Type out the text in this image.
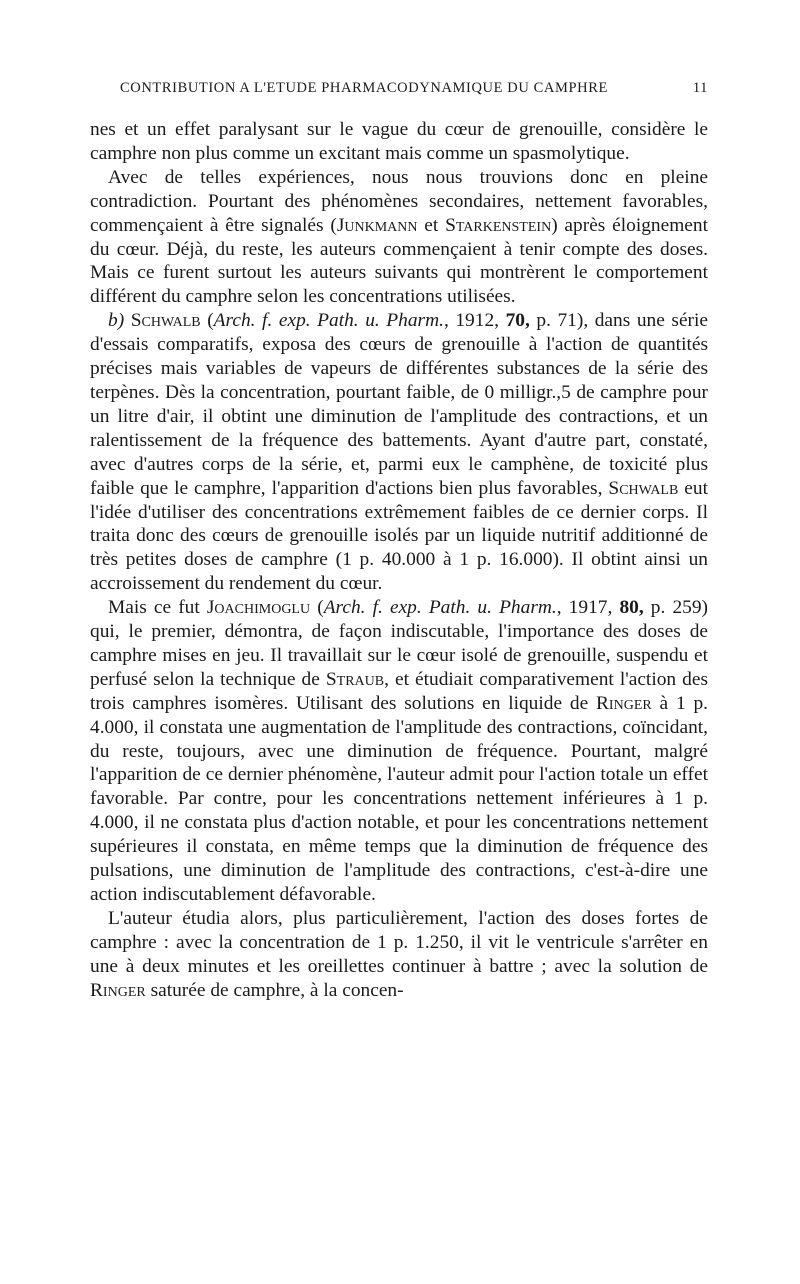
CONTRIBUTION A L'ETUDE PHARMACODYNAMIQUE DU CAMPHRE	11

nes et un effet paralysant sur le vague du cœur de grenouille, considère le camphre non plus comme un excitant mais comme un spasmolytique.

Avec de telles expériences, nous nous trouvions donc en pleine contradiction. Pourtant des phénomènes secondaires, nettement favorables, commençaient à être signalés (Junkmann et Starkenstein) après éloignement du cœur. Déjà, du reste, les auteurs commençaient à tenir compte des doses. Mais ce furent surtout les auteurs suivants qui montrèrent le comportement différent du camphre selon les concentrations utilisées.

b) Schwalb (Arch. f. exp. Path. u. Pharm., 1912, 70, p. 71), dans une série d'essais comparatifs, exposa des cœurs de grenouille à l'action de quantités précises mais variables de vapeurs de différentes substances de la série des terpènes. Dès la concentration, pourtant faible, de 0 milligr.,5 de camphre pour un litre d'air, il obtint une diminution de l'amplitude des contractions, et un ralentissement de la fréquence des battements. Ayant d'autre part, constaté, avec d'autres corps de la série, et, parmi eux le camphène, de toxicité plus faible que le camphre, l'apparition d'actions bien plus favorables, Schwalb eut l'idée d'utiliser des concentrations extrêmement faibles de ce dernier corps. Il traita donc des cœurs de grenouille isolés par un liquide nutritif additionné de très petites doses de camphre (1 p. 40.000 à 1 p. 16.000). Il obtint ainsi un accroissement du rendement du cœur.

Mais ce fut Joachimoglu (Arch. f. exp. Path. u. Pharm., 1917, 80, p. 259) qui, le premier, démontra, de façon indiscutable, l'importance des doses de camphre mises en jeu. Il travaillait sur le cœur isolé de grenouille, suspendu et perfusé selon la technique de Straub, et étudiait comparativement l'action des trois camphres isomères. Utilisant des solutions en liquide de Ringer à 1 p. 4.000, il constata une augmentation de l'amplitude des contractions, coïncidant, du reste, toujours, avec une diminution de fréquence. Pourtant, malgré l'apparition de ce dernier phénomène, l'auteur admit pour l'action totale un effet favorable. Par contre, pour les concentrations nettement inférieures à 1 p. 4.000, il ne constata plus d'action notable, et pour les concentrations nettement supérieures il constata, en même temps que la diminution de fréquence des pulsations, une diminution de l'amplitude des contractions, c'est-à-dire une action indiscutablement défavorable.

L'auteur étudia alors, plus particulièrement, l'action des doses fortes de camphre : avec la concentration de 1 p. 1.250, il vit le ventricule s'arrêter en une à deux minutes et les oreillettes continuer à battre ; avec la solution de Ringer saturée de camphre, à la concen-
